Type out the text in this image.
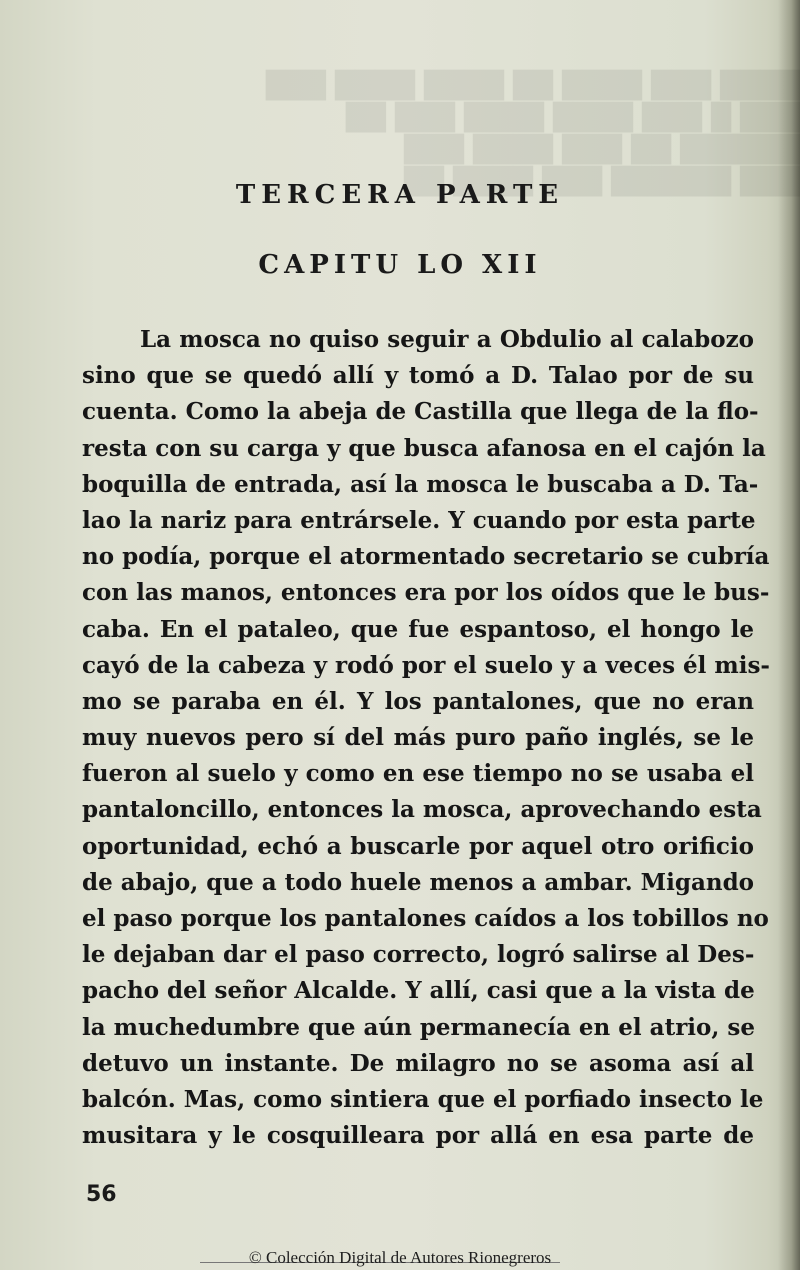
████ ███ ████ ██ ████ ████ ███
███ █ ███ ████ ████ ███ ██
██████ ██ ███ ████ ███
███ ██████ ███ ████ ██
TERCERA PARTE
CAPITU LO XII
La mosca no quiso seguir a Obdulio al calabozo
sino que se quedó allí y tomó a D. Talao por de su
cuenta. Como la abeja de Castilla que llega de la flo-
resta con su carga y que busca afanosa en el cajón la
boquilla de entrada, así la mosca le buscaba a D. Ta-
lao la nariz para entrársele. Y cuando por esta parte
no podía, porque el atormentado secretario se cubría
con las manos, entonces era por los oídos que le bus-
caba. En el pataleo, que fue espantoso, el hongo le
cayó de la cabeza y rodó por el suelo y a veces él mis-
mo se paraba en él. Y los pantalones, que no eran
muy nuevos pero sí del más puro paño inglés, se le
fueron al suelo y como en ese tiempo no se usaba el
pantaloncillo, entonces la mosca, aprovechando esta
oportunidad, echó a buscarle por aquel otro orificio
de abajo, que a todo huele menos a ambar. Migando
el paso porque los pantalones caídos a los tobillos no
le dejaban dar el paso correcto, logró salirse al Des-
pacho del señor Alcalde. Y allí, casi que a la vista de
la muchedumbre que aún permanecía en el atrio, se
detuvo un instante. De milagro no se asoma así al
balcón. Mas, como sintiera que el porfiado insecto le
musitara y le cosquilleara por allá en esa parte de
56
© Colección Digital de Autores Rionegreros
